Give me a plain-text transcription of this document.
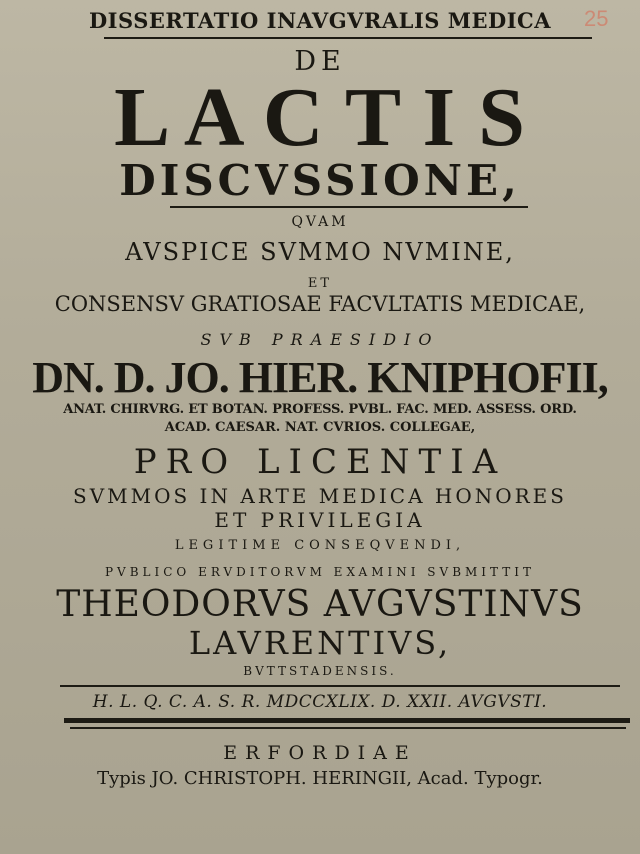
DISSERTATIO INAVGVRALIS MEDICA	25
DE
L A C T I S
DISCVSSIONE,
QVAM
AVSPICE SVMMO NVMINE,
ET
CONSENSV GRATIOSAE FACVLTATIS MEDICAE,
SVB PRAESIDIO
DN. D. JO. HIER. KNIPHOFII,
ANAT. CHIRVRG. ET BOTAN. PROFESS. PVBL. FAC. MED. ASSESS. ORD.
ACAD. CAESAR. NAT. CVRIOS. COLLEGAE,
PRO LICENTIA
SVMMOS IN ARTE MEDICA HONORES
ET PRIVILEGIA
LEGITIME CONSEQVENDI,
PVBLICO ERVDITORVM EXAMINI SVBMITTIT
THEODORVS AVGVSTINVS
LAVRENTIVS,
BVTTSTADENSIS.
H. L. Q. C. A. S. R. MDCCXLIX. D. XXII. AVGVSTI.
ERFORDIAE
Typis JO. CHRISTOPH. HERINGII, Acad. Typogr.
